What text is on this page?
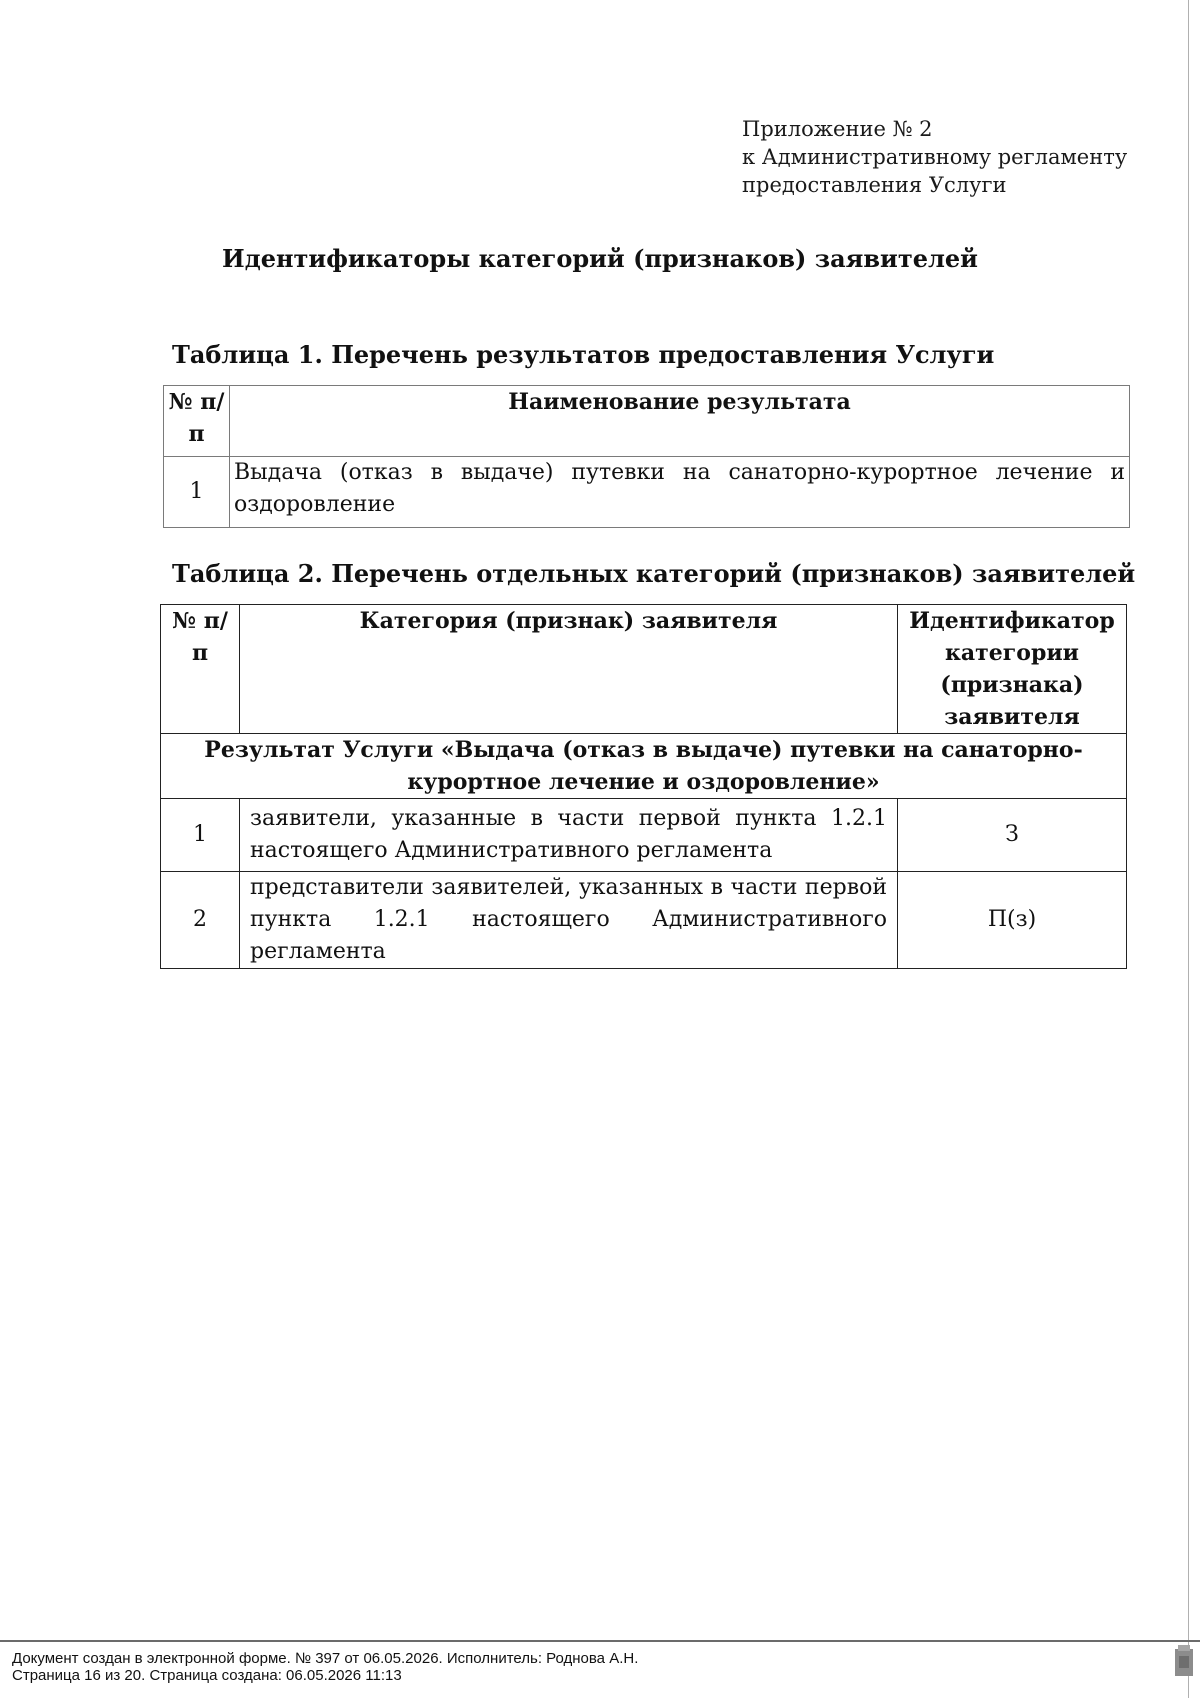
Приложение № 2
к Административному регламенту
предоставления Услуги
Идентификаторы категорий (признаков) заявителей
Таблица 1. Перечень результатов предоставления Услуги
№ п/п	Наименование результата
1	Выдача (отказ в выдаче) путевки на санаторно-курортное лечение и оздоровление
Таблица 2. Перечень отдельных категорий (признаков) заявителей
№ п/п	Категория (признак) заявителя	Идентификатор категории (признака) заявителя
Результат Услуги «Выдача (отказ в выдаче) путевки на санаторно-курортное лечение и оздоровление»		
1	заявители, указанные в части первой пункта 1.2.1 настоящего Административного регламента	З
2	представители заявителей, указанных в части первой пункта 1.2.1 настоящего Административного регламента	П(з)
Документ создан в электронной форме. № 397 от 06.05.2026. Исполнитель: Роднова А.Н.
Страница 16 из 20. Страница создана: 06.05.2026 11:13
